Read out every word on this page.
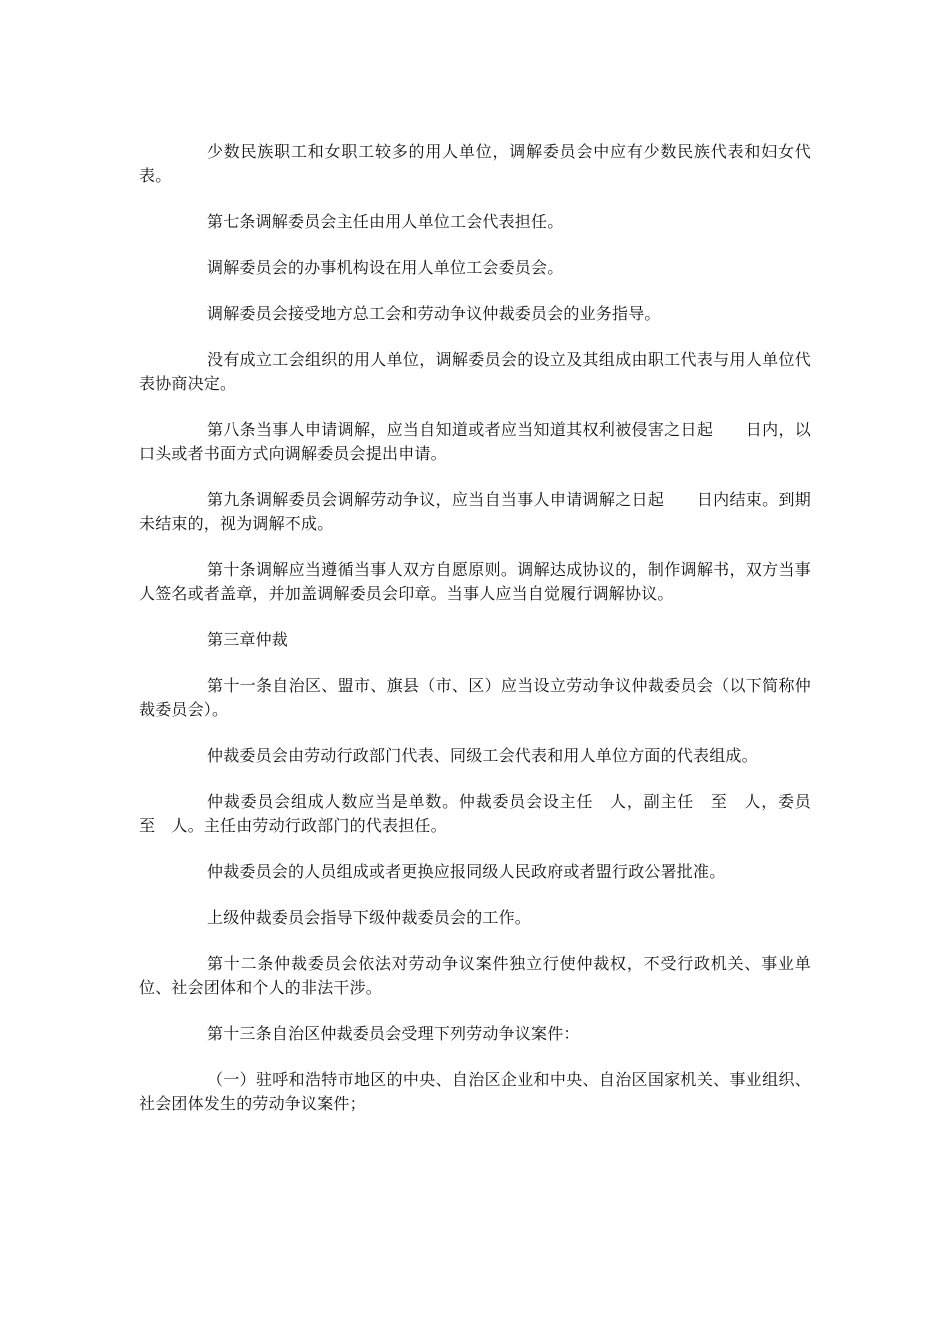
少数民族职工和女职工较多的用人单位，调解委员会中应有少数民族代表和妇女代表。

第七条调解委员会主任由用人单位工会代表担任。

调解委员会的办事机构设在用人单位工会委员会。

调解委员会接受地方总工会和劳动争议仲裁委员会的业务指导。

没有成立工会组织的用人单位，调解委员会的设立及其组成由职工代表与用人单位代表协商决定。

第八条当事人申请调解，应当自知道或者应当知道其权利被侵害之日起　　日内，以口头或者书面方式向调解委员会提出申请。

第九条调解委员会调解劳动争议，应当自当事人申请调解之日起　　日内结束。到期未结束的，视为调解不成。

第十条调解应当遵循当事人双方自愿原则。调解达成协议的，制作调解书，双方当事人签名或者盖章，并加盖调解委员会印章。当事人应当自觉履行调解协议。

第三章仲裁

第十一条自治区、盟市、旗县（市、区）应当设立劳动争议仲裁委员会（以下简称仲裁委员会）。

仲裁委员会由劳动行政部门代表、同级工会代表和用人单位方面的代表组成。

仲裁委员会组成人数应当是单数。仲裁委员会设主任　人，副主任　至　人，委员　至　人。主任由劳动行政部门的代表担任。

仲裁委员会的人员组成或者更换应报同级人民政府或者盟行政公署批准。

上级仲裁委员会指导下级仲裁委员会的工作。

第十二条仲裁委员会依法对劳动争议案件独立行使仲裁权，不受行政机关、事业单位、社会团体和个人的非法干涉。

第十三条自治区仲裁委员会受理下列劳动争议案件：

（一）驻呼和浩特市地区的中央、自治区企业和中央、自治区国家机关、事业组织、社会团体发生的劳动争议案件；
